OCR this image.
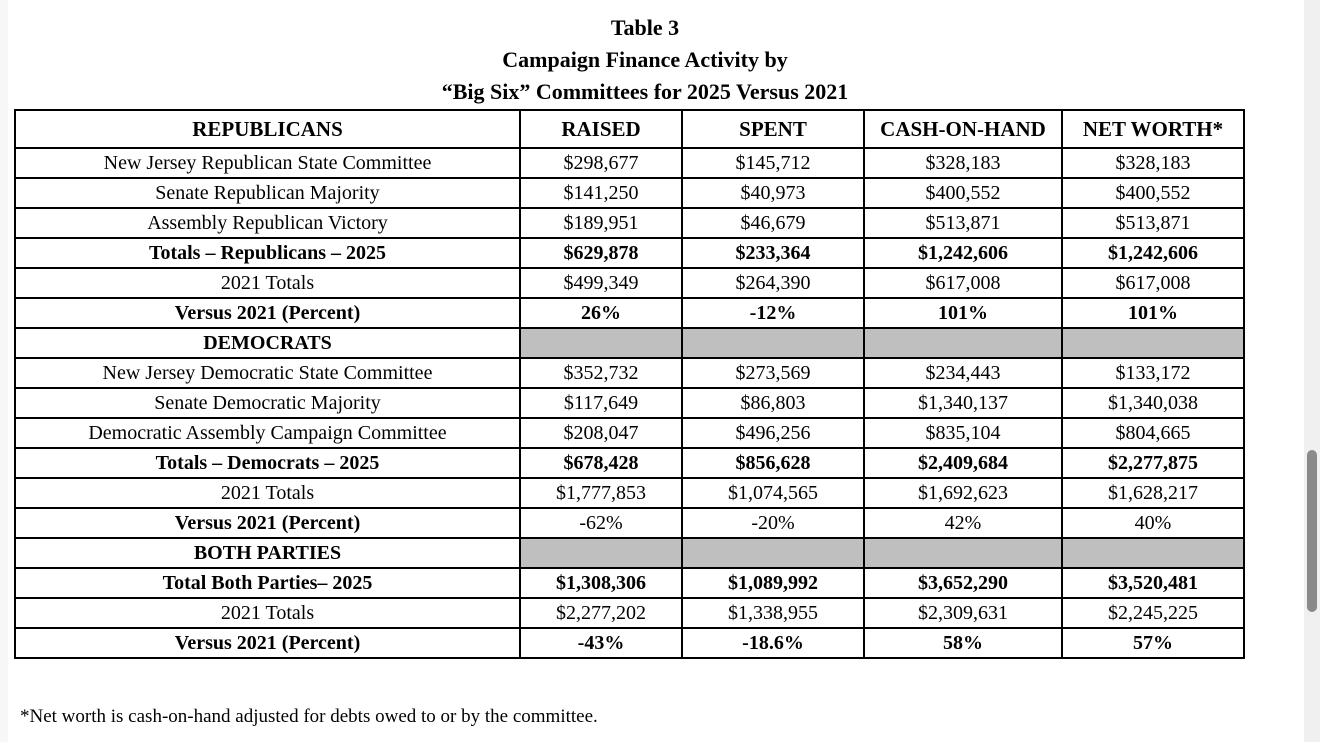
Table 3
Campaign Finance Activity by
“Big Six” Committees for 2025 Versus 2021
REPUBLICANS	RAISED	SPENT	CASH-ON-HAND	NET WORTH*
New Jersey Republican State Committee	$298,677	$145,712	$328,183	$328,183
Senate Republican Majority	$141,250	$40,973	$400,552	$400,552
Assembly Republican Victory	$189,951	$46,679	$513,871	$513,871
Totals – Republicans – 2025	$629,878	$233,364	$1,242,606	$1,242,606
2021 Totals	$499,349	$264,390	$617,008	$617,008
Versus 2021 (Percent)	26%	-12%	101%	101%
DEMOCRATS				
New Jersey Democratic State Committee	$352,732	$273,569	$234,443	$133,172
Senate Democratic Majority	$117,649	$86,803	$1,340,137	$1,340,038
Democratic Assembly Campaign Committee	$208,047	$496,256	$835,104	$804,665
Totals – Democrats – 2025	$678,428	$856,628	$2,409,684	$2,277,875
2021 Totals	$1,777,853	$1,074,565	$1,692,623	$1,628,217
Versus 2021 (Percent)	-62%	-20%	42%	40%
BOTH PARTIES				
Total Both Parties– 2025	$1,308,306	$1,089,992	$3,652,290	$3,520,481
2021 Totals	$2,277,202	$1,338,955	$2,309,631	$2,245,225
Versus 2021 (Percent)	-43%	-18.6%	58%	57%
*Net worth is cash-on-hand adjusted for debts owed to or by the committee.
